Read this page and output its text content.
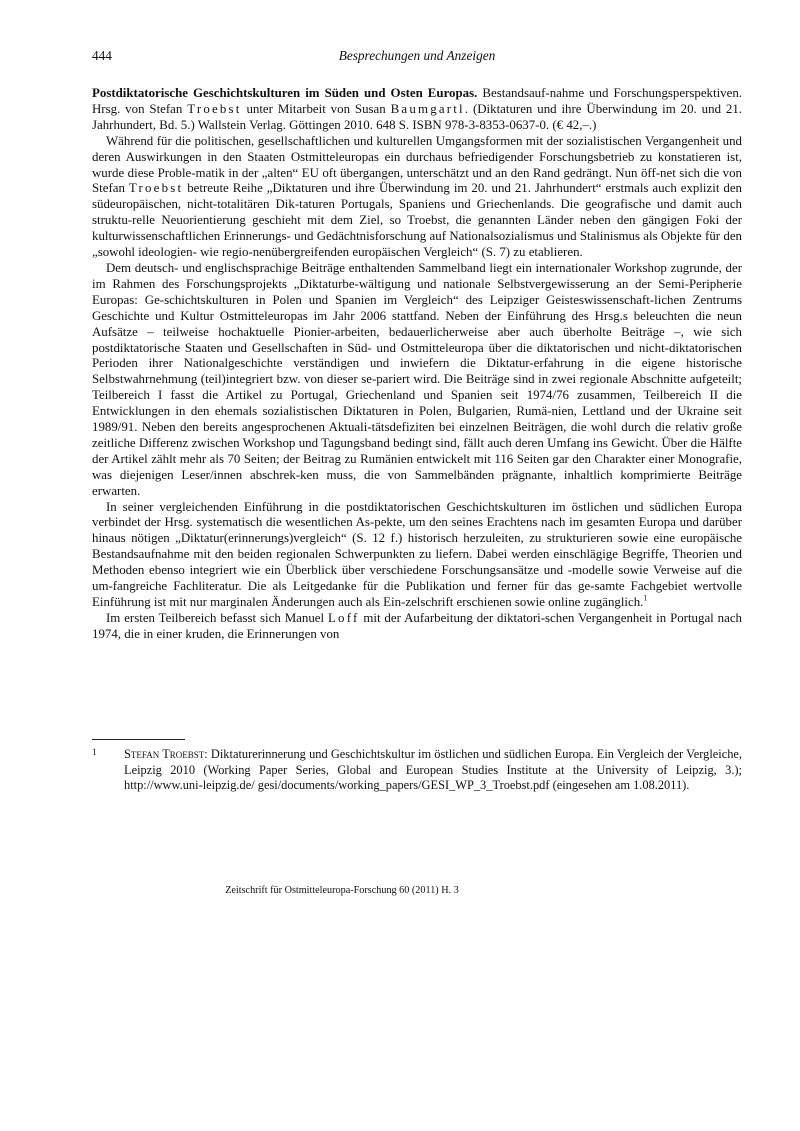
444	Besprechungen und Anzeigen

Postdiktatorische Geschichtskulturen im Süden und Osten Europas. Bestandsauf-nahme und Forschungsperspektiven. Hrsg. von Stefan Troebst unter Mitarbeit von Susan Baumgartl. (Diktaturen und ihre Überwindung im 20. und 21. Jahrhundert, Bd. 5.) Wallstein Verlag. Göttingen 2010. 648 S. ISBN 978-3-8353-0637-0. (€ 42,–.)

Während für die politischen, gesellschaftlichen und kulturellen Umgangsformen mit der sozialistischen Vergangenheit und deren Auswirkungen in den Staaten Ostmitteleuropas ein durchaus befriedigender Forschungsbetrieb zu konstatieren ist, wurde diese Proble-matik in der „alten“ EU oft übergangen, unterschätzt und an den Rand gedrängt. Nun öff-net sich die von Stefan Troebst betreute Reihe „Diktaturen und ihre Überwindung im 20. und 21. Jahrhundert“ erstmals auch explizit den südeuropäischen, nicht-totalitären Dik-taturen Portugals, Spaniens und Griechenlands. Die geografische und damit auch struktu-relle Neuorientierung geschieht mit dem Ziel, so Troebst, die genannten Länder neben den gängigen Foki der kulturwissenschaftlichen Erinnerungs- und Gedächtnisforschung auf Nationalsozialismus und Stalinismus als Objekte für den „sowohl ideologien- wie regio-nenübergreifenden europäischen Vergleich“ (S. 7) zu etablieren.

Dem deutsch- und englischsprachige Beiträge enthaltenden Sammelband liegt ein internationaler Workshop zugrunde, der im Rahmen des Forschungsprojekts „Diktaturbe-wältigung und nationale Selbstvergewisserung an der Semi-Peripherie Europas: Ge-schichtskulturen in Polen und Spanien im Vergleich“ des Leipziger Geisteswissenschaft-lichen Zentrums Geschichte und Kultur Ostmitteleuropas im Jahr 2006 stattfand. Neben der Einführung des Hrsg.s beleuchten die neun Aufsätze – teilweise hochaktuelle Pionier-arbeiten, bedauerlicherweise aber auch überholte Beiträge –, wie sich postdiktatorische Staaten und Gesellschaften in Süd- und Ostmitteleuropa über die diktatorischen und nicht-diktatorischen Perioden ihrer Nationalgeschichte verständigen und inwiefern die Diktatur-erfahrung in die eigene historische Selbstwahrnehmung (teil)integriert bzw. von dieser se-pariert wird. Die Beiträge sind in zwei regionale Abschnitte aufgeteilt; Teilbereich I fasst die Artikel zu Portugal, Griechenland und Spanien seit 1974/76 zusammen, Teilbereich II die Entwicklungen in den ehemals sozialistischen Diktaturen in Polen, Bulgarien, Rumä-nien, Lettland und der Ukraine seit 1989/91. Neben den bereits angesprochenen Aktuali-tätsdefiziten bei einzelnen Beiträgen, die wohl durch die relativ große zeitliche Differenz zwischen Workshop und Tagungsband bedingt sind, fällt auch deren Umfang ins Gewicht. Über die Hälfte der Artikel zählt mehr als 70 Seiten; der Beitrag zu Rumänien entwickelt mit 116 Seiten gar den Charakter einer Monografie, was diejenigen Leser/innen abschrek-ken muss, die von Sammelbänden prägnante, inhaltlich komprimierte Beiträge erwarten.

In seiner vergleichenden Einführung in die postdiktatorischen Geschichtskulturen im östlichen und südlichen Europa verbindet der Hrsg. systematisch die wesentlichen As-pekte, um den seines Erachtens nach im gesamten Europa und darüber hinaus nötigen „Diktatur(erinnerungs)vergleich“ (S. 12 f.) historisch herzuleiten, zu strukturieren sowie eine europäische Bestandsaufnahme mit den beiden regionalen Schwerpunkten zu liefern. Dabei werden einschlägige Begriffe, Theorien und Methoden ebenso integriert wie ein Überblick über verschiedene Forschungsansätze und -modelle sowie Verweise auf die um-fangreiche Fachliteratur. Die als Leitgedanke für die Publikation und ferner für das ge-samte Fachgebiet wertvolle Einführung ist mit nur marginalen Änderungen auch als Ein-zelschrift erschienen sowie online zugänglich.$^1$

Im ersten Teilbereich befasst sich Manuel Loff mit der Aufarbeitung der diktatori-schen Vergangenheit in Portugal nach 1974, die in einer kruden, die Erinnerungen von

1 Stefan Troebst: Diktaturerinnerung und Geschichtskultur im östlichen und südlichen Europa. Ein Vergleich der Vergleiche, Leipzig 2010 (Working Paper Series, Global and European Studies Institute at the University of Leipzig, 3.); http://www.uni-leipzig.de/ gesi/documents/working_papers/GESI_WP_3_Troebst.pdf (eingesehen am 1.08.2011).
Zeitschrift für Ostmitteleuropa-Forschung 60 (2011) H. 3
